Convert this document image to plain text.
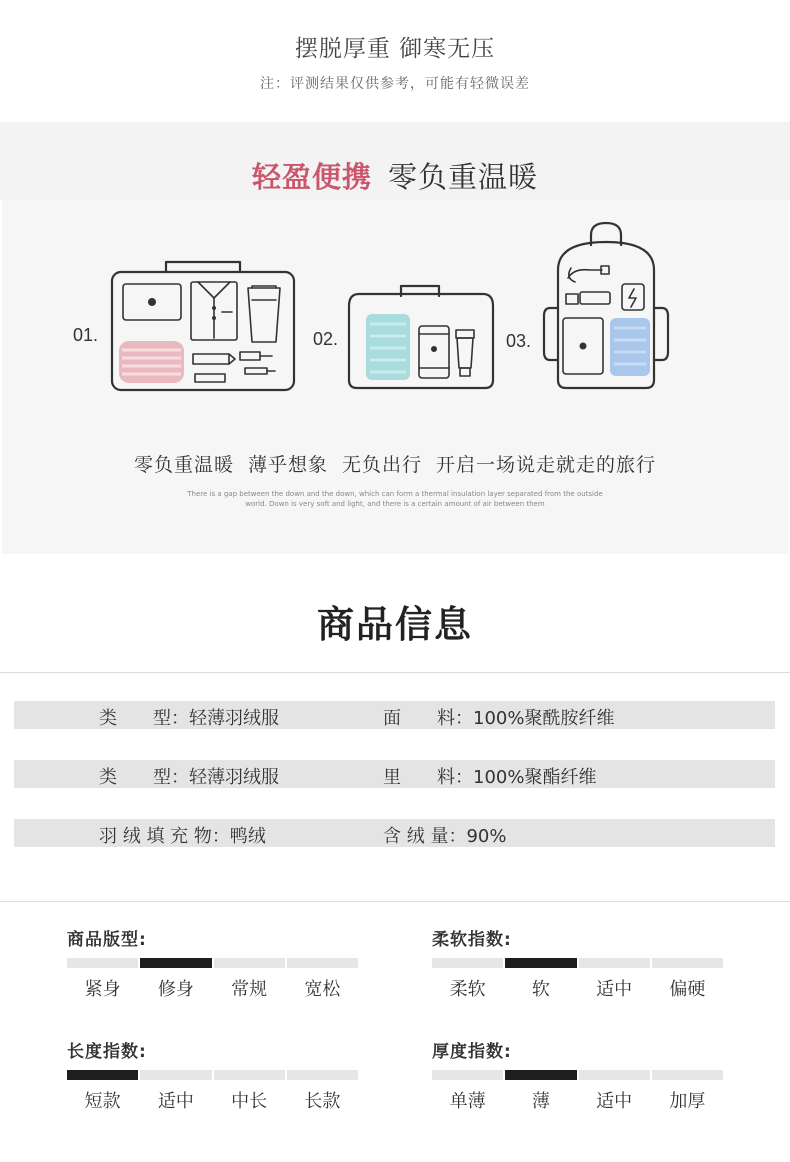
摆脱厚重 御寒无压
注：评测结果仅供参考，可能有轻微误差
轻盈便携 零负重温暖
01.	02.	03.
零负重温暖 薄乎想象 无负出行 开启一场说走就走的旅行
There is a gap between the down and the down, which can form a thermal insulation layer separated from the outside
world. Down is very soft and light, and there is a certain amount of air between them
商品信息
类　　型：轻薄羽绒服	面　　料：100%聚酰胺纤维
类　　型：轻薄羽绒服	里　　料：100%聚酯纤维
羽 绒 填 充 物：鸭绒	含 绒 量：90%
商品版型:
紧身	修身	常规	宽松
柔软指数:
柔软	软	适中	偏硬
长度指数:
短款	适中	中长	长款
厚度指数:
单薄	薄	适中	加厚
